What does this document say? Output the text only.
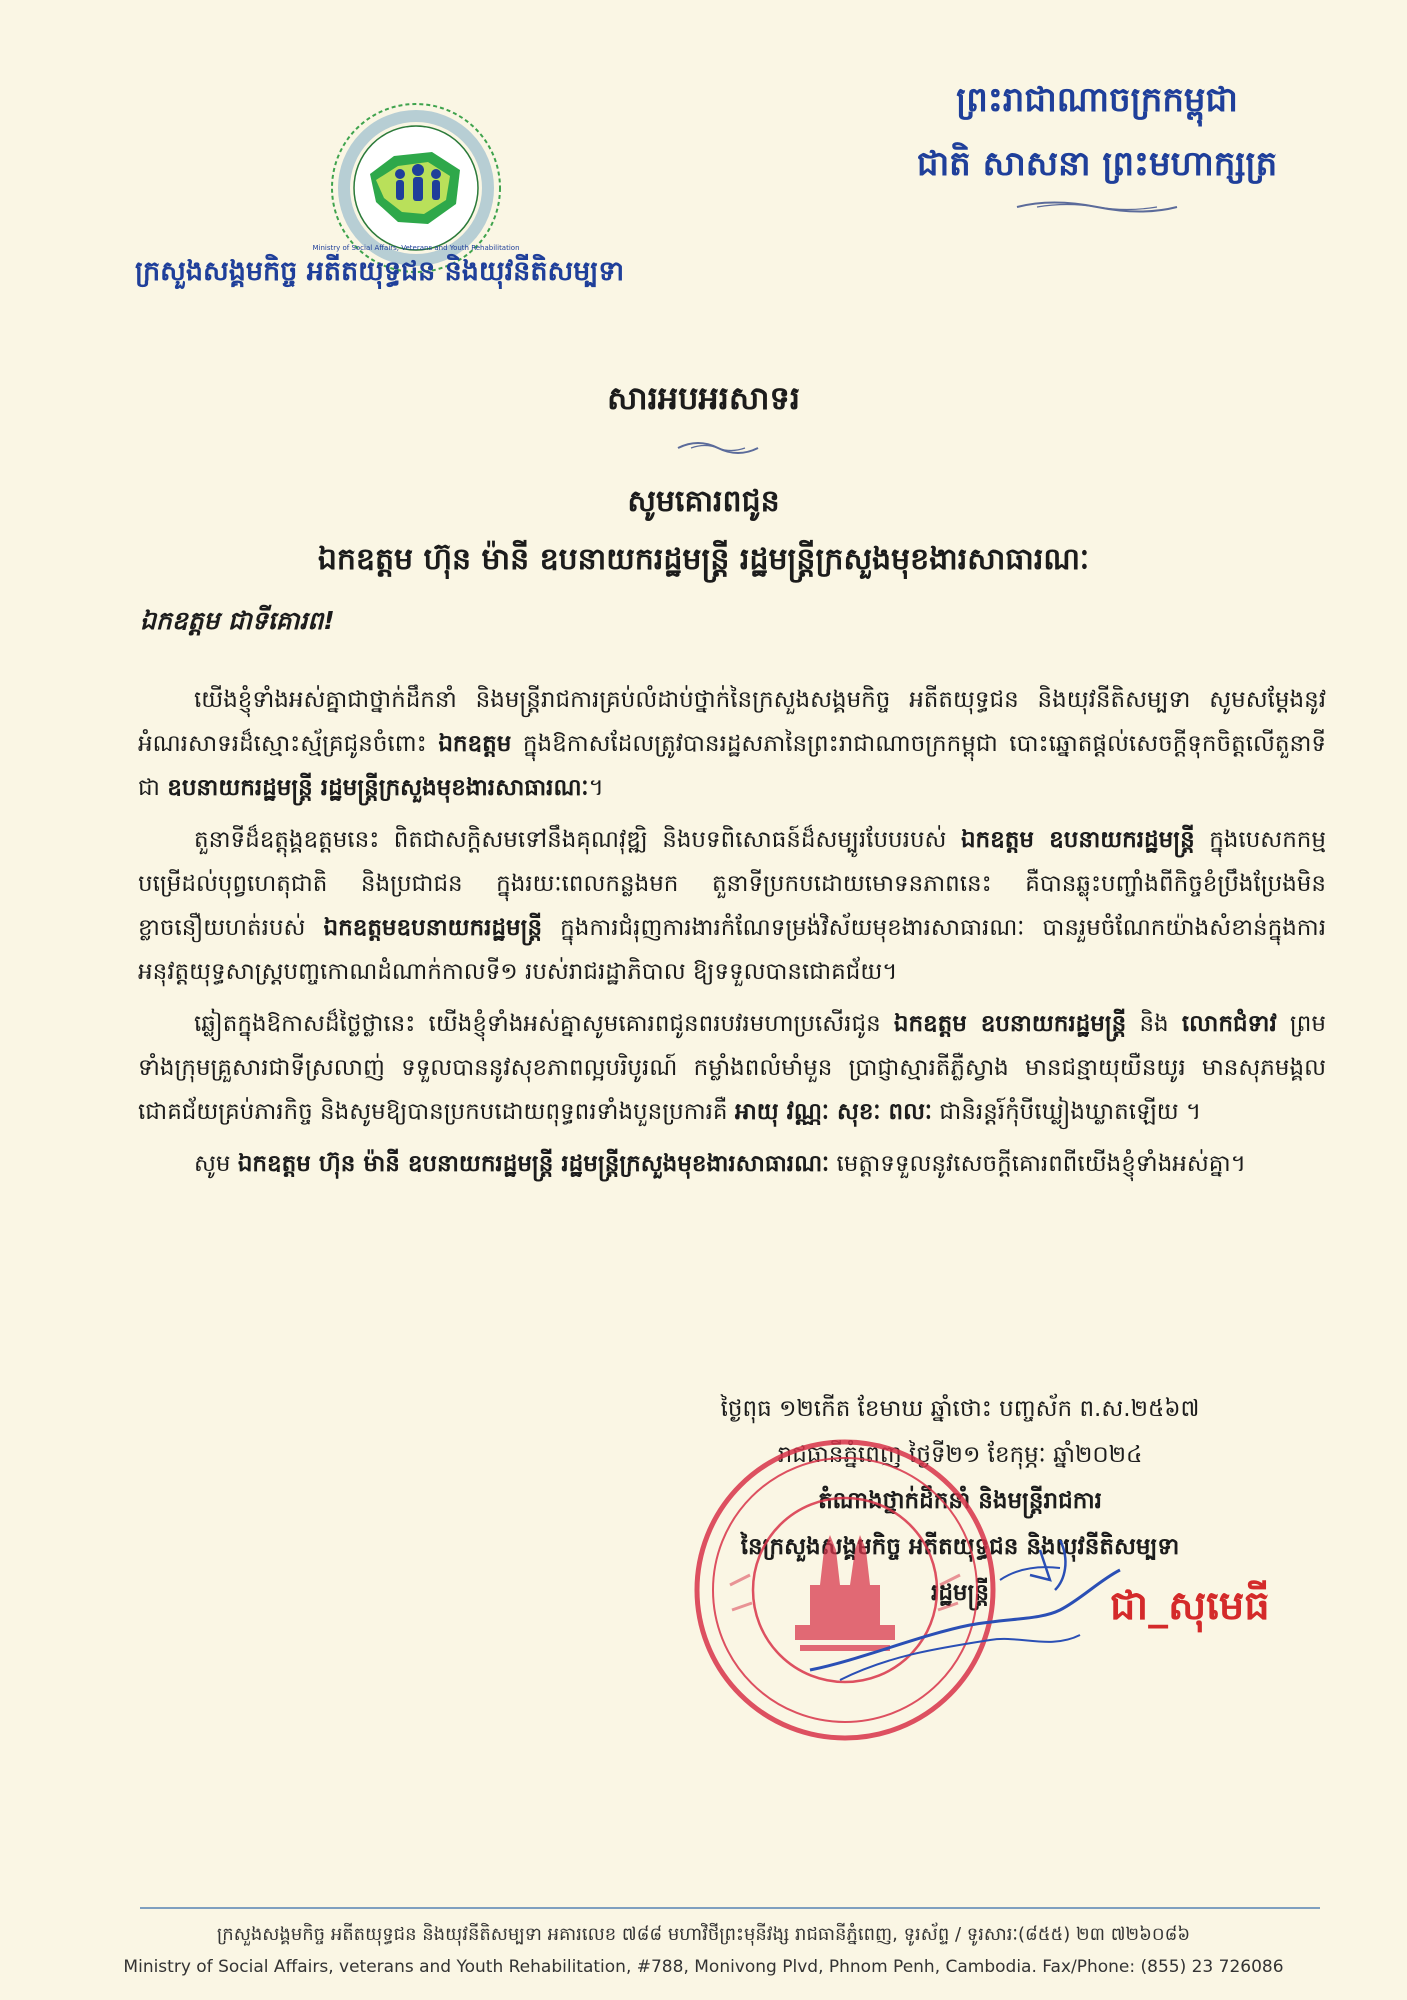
ព្រះរាជាណាចក្រកម្ពុជា
ជាតិ សាសនា ព្រះមហាក្សត្រ
Ministry of Social Affairs, Veterans and Youth Rehabilitation
ក្រសួងសង្គមកិច្ច អតីតយុទ្ធជន និងយុវនីតិសម្បទា
សារអបអរសាទរ
សូមគោរពជូន
ឯកឧត្តម ហ៊ុន ម៉ានី ឧបនាយករដ្ឋមន្ត្រី រដ្ឋមន្ត្រីក្រសួងមុខងារសាធារណៈ
ឯកឧត្តម ជាទីគោរព!

យើងខ្ញុំទាំងអស់គ្នាជាថ្នាក់ដឹកនាំ និងមន្ត្រីរាជការគ្រប់លំដាប់ថ្នាក់នៃក្រសួងសង្គមកិច្ច អតីតយុទ្ធជន និងយុវនីតិសម្បទា សូមសម្តែងនូវអំណរសាទរដ៏ស្មោះស្ម័គ្រជូនចំពោះ ឯកឧត្តម ក្នុងឱកាសដែលត្រូវបានរដ្ឋសភានៃព្រះរាជាណាចក្រកម្ពុជា បោះឆ្នោតផ្តល់សេចក្តីទុកចិត្តលើតួនាទីជា ឧបនាយករដ្ឋមន្ត្រី រដ្ឋមន្ត្រីក្រសួងមុខងារសាធារណៈ។

តួនាទីដ៏ឧត្តុង្គឧត្តមនេះ ពិតជាសក្តិសមទៅនឹងគុណវុឌ្ឍិ និងបទពិសោធន៍ដ៏សម្បូរបែបរបស់ ឯកឧត្តម ឧបនាយករដ្ឋមន្ត្រី ក្នុងបេសកកម្មបម្រើដល់បុព្វហេតុជាតិ និងប្រជាជន ក្នុងរយៈពេលកន្លងមក តួនាទីប្រកបដោយមោទនភាពនេះ គឺបានឆ្លុះបញ្ចាំងពីកិច្ចខំប្រឹងប្រែងមិនខ្លាចនឿយហត់របស់ ឯកឧត្តមឧបនាយករដ្ឋមន្ត្រី ក្នុងការជំរុញការងារកំណែទម្រង់វិស័យមុខងារសាធារណៈ បានរួមចំណែកយ៉ាងសំខាន់ក្នុងការអនុវត្តយុទ្ធសាស្ត្របញ្ចកោណដំណាក់កាលទី១ របស់រាជរដ្ឋាភិបាល ឱ្យទទួលបានជោគជ័យ។

ឆ្លៀតក្នុងឱកាសដ៏ថ្លៃថ្លានេះ យើងខ្ញុំទាំងអស់គ្នាសូមគោរពជូនពរបវរមហាប្រសើរជូន ឯកឧត្តម ឧបនាយករដ្ឋមន្ត្រី និង លោកជំទាវ ព្រមទាំងក្រុមគ្រួសារជាទីស្រលាញ់ ទទួលបាននូវសុខភាពល្អបរិបូរណ៍ កម្លាំងពលំមាំមួន ប្រាជ្ញាស្មារតីភ្លឺស្វាង មានជន្មាយុយឺនយូរ មានសុភមង្គល ជោគជ័យគ្រប់ភារកិច្ច និងសូមឱ្យបានប្រកបដោយពុទ្ធពរទាំងបួនប្រការគឺ អាយុ វណ្ណៈ សុខៈ ពលៈ ជានិរន្តរ៍កុំបីឃ្លៀងឃ្លាតឡើយ ។

សូម ឯកឧត្តម ហ៊ុន ម៉ានី ឧបនាយករដ្ឋមន្ត្រី រដ្ឋមន្ត្រីក្រសួងមុខងារសាធារណៈ មេត្តាទទួលនូវសេចក្តីគោរពពីយើងខ្ញុំទាំងអស់គ្នា។

ថ្ងៃពុធ ១២កើត ខែមាឃ ឆ្នាំថោះ បញ្ចស័ក ព.ស.២៥៦៧
រាជធានីភ្នំពេញ ថ្ងៃទី២១ ខែកុម្ភៈ ឆ្នាំ២០២៤
តំណាងថ្នាក់ដឹកនាំ និងមន្ត្រីរាជការ
នៃក្រសួងសង្គមកិច្ច អតីតយុទ្ធជន និងយុវនីតិសម្បទា
រដ្ឋមន្ត្រី	ជា_សុមេធី
ក្រសួងសង្គមកិច្ច អតីតយុទ្ធជន និងយុវនីតិសម្បទា អគារលេខ ៧៨៨ មហាវិថីព្រះមុនីវង្ស រាជធានីភ្នំពេញ, ទូរស័ព្ទ / ទូរសារៈ(៨៥៥) ២៣ ៧២៦០៨៦
Ministry of Social Affairs, veterans and Youth Rehabilitation, #788, Monivong Plvd, Phnom Penh, Cambodia. Fax/Phone: (855) 23 726086
